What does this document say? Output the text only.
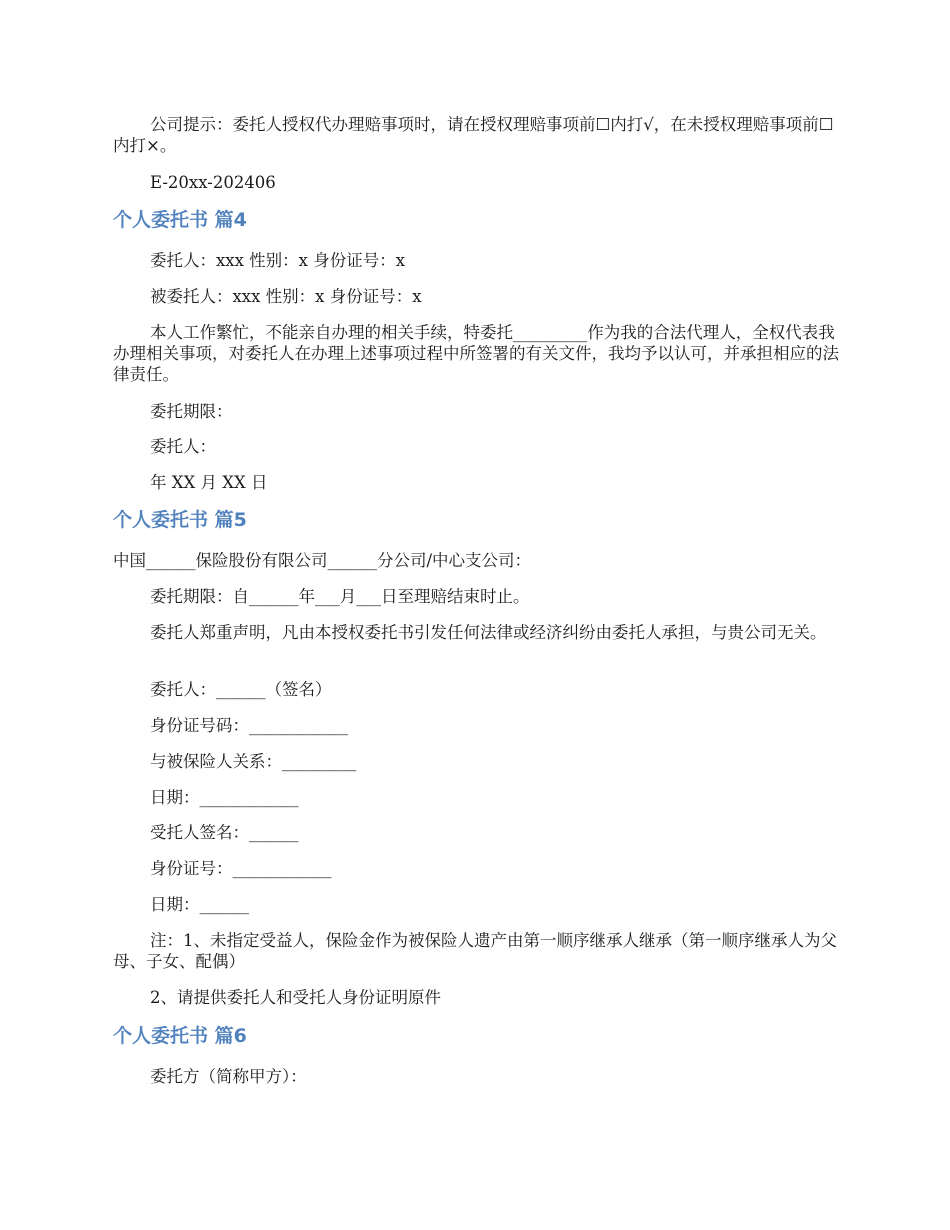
公司提示：委托人授权代办理赔事项时，请在授权理赔事项前☐内打√，在未授权理赔事项前☐内打×。

E-20xx-202406

个人委托书 篇4

委托人：xxx 性别：x 身份证号：x

被委托人：xxx 性别：x 身份证号：x

本人工作繁忙，不能亲自办理的相关手续，特委托_________作为我的合法代理人，全权代表我办理相关事项，对委托人在办理上述事项过程中所签署的有关文件，我均予以认可，并承担相应的法律责任。

委托期限：

委托人：

年 XX 月 XX 日

个人委托书 篇5

中国______保险股份有限公司______分公司/中心支公司：

委托期限：自______年___月___日至理赔结束时止。

委托人郑重声明，凡由本授权委托书引发任何法律或经济纠纷由委托人承担，与贵公司无关。

委托人：______（签名）

身份证号码：____________

与被保险人关系：_________

日期：____________

受托人签名：______

身份证号：____________

日期：______

注：1、未指定受益人，保险金作为被保险人遗产由第一顺序继承人继承（第一顺序继承人为父母、子女、配偶）

2、请提供委托人和受托人身份证明原件

个人委托书 篇6

委托方（简称甲方）：
